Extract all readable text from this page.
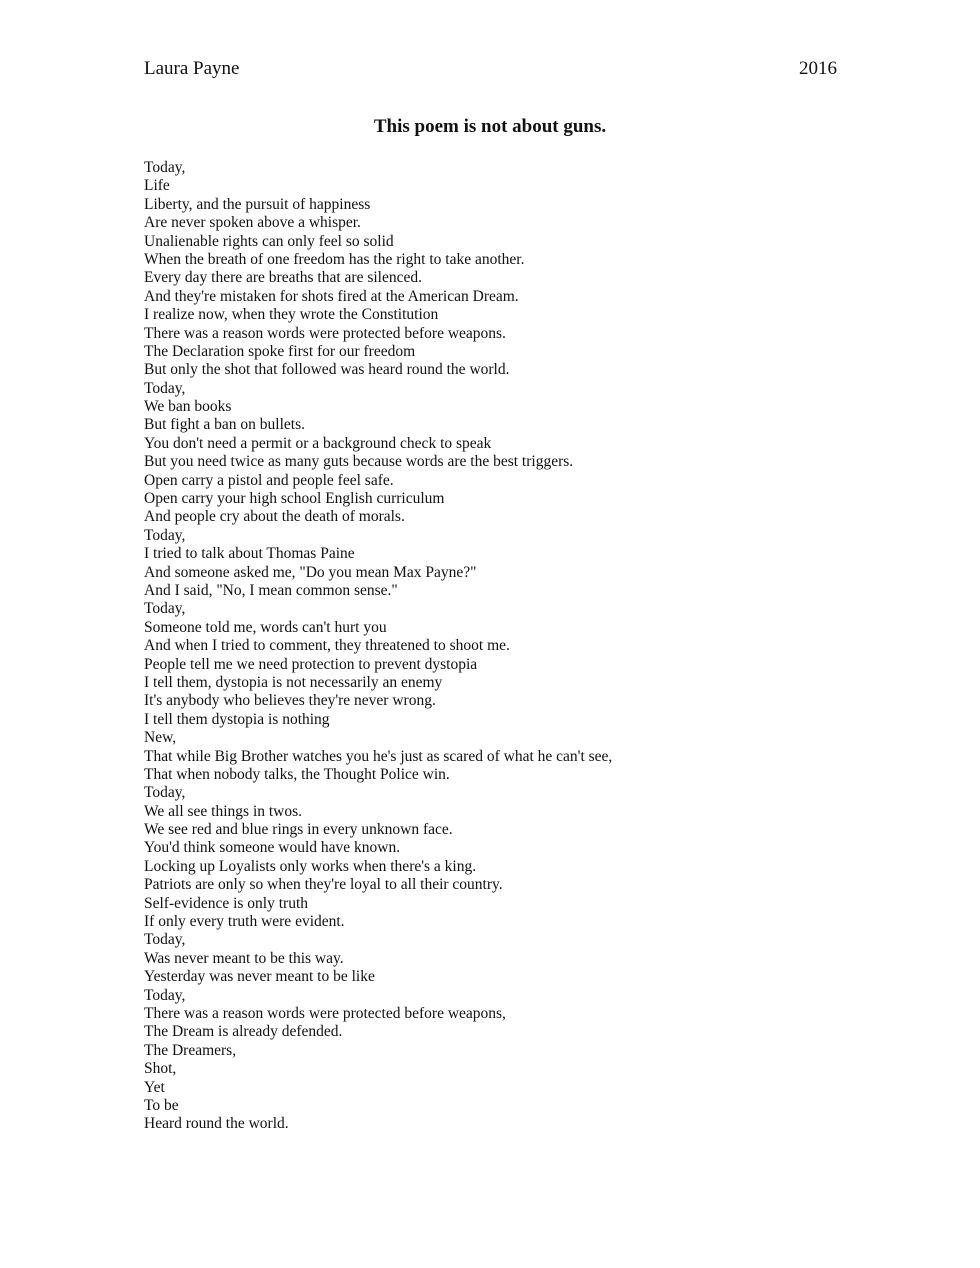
Laura Payne	2016
This poem is not about guns.
Today,
Life
Liberty, and the pursuit of happiness
Are never spoken above a whisper.
Unalienable rights can only feel so solid
When the breath of one freedom has the right to take another.
Every day there are breaths that are silenced.
And they're mistaken for shots fired at the American Dream.
I realize now, when they wrote the Constitution
There was a reason words were protected before weapons.
The Declaration spoke first for our freedom
But only the shot that followed was heard round the world.
Today,
We ban books
But fight a ban on bullets.
You don't need a permit or a background check to speak
But you need twice as many guts because words are the best triggers.
Open carry a pistol and people feel safe.
Open carry your high school English curriculum
And people cry about the death of morals.
Today,
I tried to talk about Thomas Paine
And someone asked me, "Do you mean Max Payne?"
And I said, "No, I mean common sense."
Today,
Someone told me, words can't hurt you
And when I tried to comment, they threatened to shoot me.
People tell me we need protection to prevent dystopia
I tell them, dystopia is not necessarily an enemy
It's anybody who believes they're never wrong.
I tell them dystopia is nothing
New,
That while Big Brother watches you he's just as scared of what he can't see,
That when nobody talks, the Thought Police win.
Today,
We all see things in twos.
We see red and blue rings in every unknown face.
You'd think someone would have known.
Locking up Loyalists only works when there's a king.
Patriots are only so when they're loyal to all their country.
Self-evidence is only truth
If only every truth were evident.
Today,
Was never meant to be this way.
Yesterday was never meant to be like
Today,
There was a reason words were protected before weapons,
The Dream is already defended.
The Dreamers,
Shot,
Yet
To be
Heard round the world.
